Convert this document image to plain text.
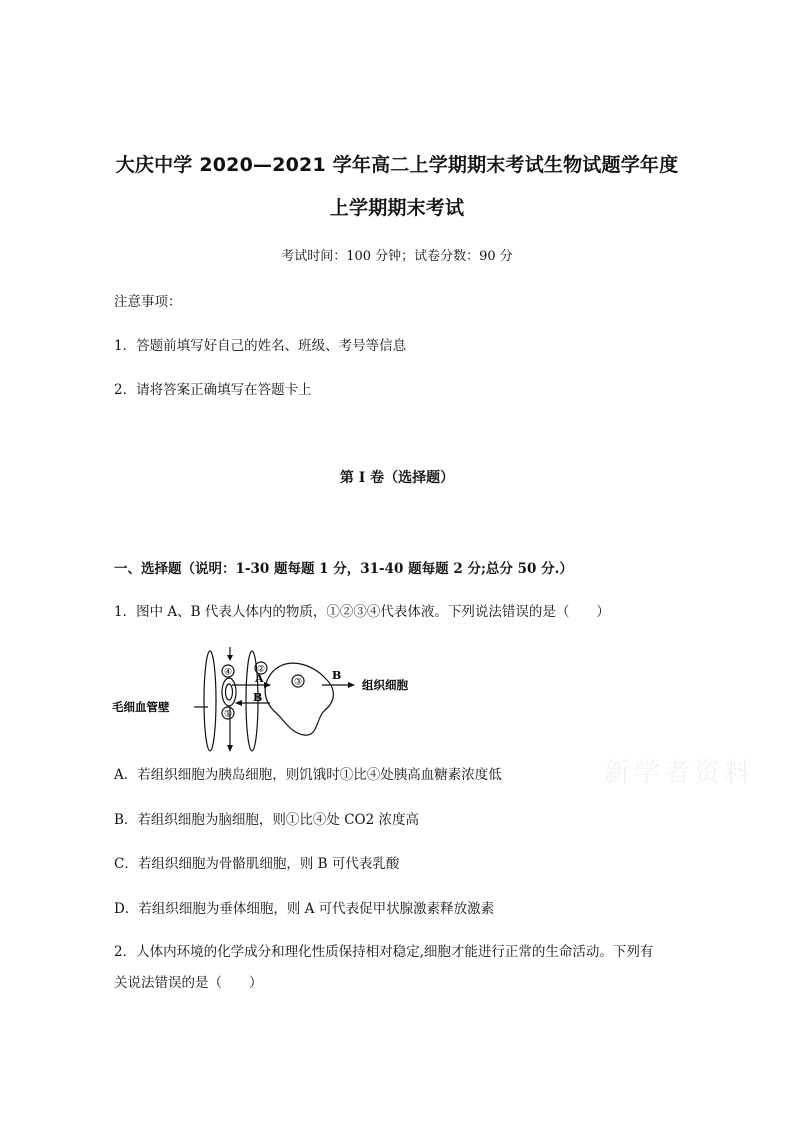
大庆中学 2020—2021 学年高二上学期期末考试生物试题学年度
上学期期末考试
考试时间：100 分钟；试卷分数：90 分
注意事项：
1．答题前填写好自己的姓名、班级、考号等信息
2．请将答案正确填写在答题卡上
第 I 卷（选择题）
一、选择题（说明：1-30 题每题 1 分，31-40 题每题 2 分;总分 50 分.）
1．图中 A、B 代表人体内的物质，①②③④代表体液。下列说法错误的是（　　）
④	②
③
①
A
B
B
毛细血管壁
组织细胞
A．若组织细胞为胰岛细胞，则饥饿时①比④处胰高血糖素浓度低
B．若组织细胞为脑细胞，则①比④处 CO2 浓度高
C．若组织细胞为骨骼肌细胞，则 B 可代表乳酸
D．若组织细胞为垂体细胞，则 A 可代表促甲状腺激素释放激素
2．人体内环境的化学成分和理化性质保持相对稳定,细胞才能进行正常的生命活动。下列有
关说法错误的是（　　）
新学者资料
